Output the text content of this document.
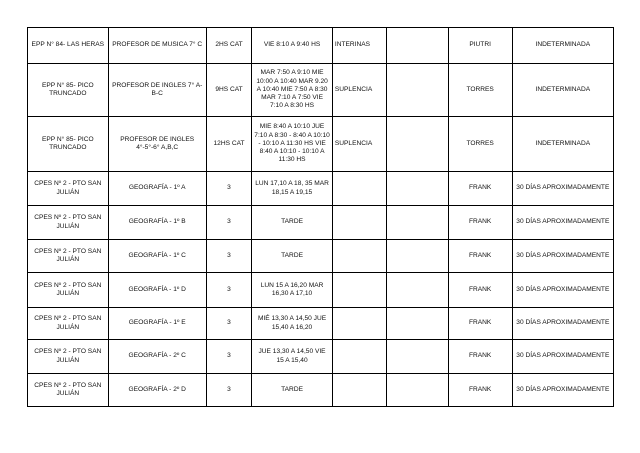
EPP N° 84- LAS HERAS	PROFESOR DE MUSICA 7° C	2HS CAT	VIE 8:10 A 9:40 HS	INTERINAS		PIUTRI	INDETERMINADA
EPP N° 85- PICO TRUNCADO	PROFESOR DE INGLES 7° A-B-C	9HS CAT	MAR 7:50 A 9:10 MIE 10:00 A 10:40 MAR 9.20 A 10:40 MIE 7:50 A 8:30 MAR 7:10 A 7:50 VIE 7:10 A 8:30 HS	SUPLENCIA		TORRES	INDETERMINADA
EPP N° 85- PICO TRUNCADO	PROFESOR DE INGLES 4°-5°-6° A,B,C	12HS CAT	MIE 8:40 A 10:10 JUE 7:10 A 8:30 - 8:40 A 10:10 - 10:10 A 11:30 HS VIE 8:40 A 10:10 - 10:10 A 11:30 HS	SUPLENCIA		TORRES	INDETERMINADA
CPES Nº 2 - PTO SAN JULIÁN	GEOGRAFÍA - 1º A	3	LUN 17,10 A 18, 35 MAR 18,15 A 19,15			FRANK	30 DÍAS APROXIMADAMENTE
CPES Nº 2 - PTO SAN JULIÁN	GEOGRAFÍA - 1º B	3	TARDE			FRANK	30 DÍAS APROXIMADAMENTE
CPES Nº 2 - PTO SAN JULIÁN	GEOGRAFÍA - 1º C	3	TARDE			FRANK	30 DÍAS APROXIMADAMENTE
CPES Nº 2 - PTO SAN JULIÁN	GEOGRAFÍA - 1º D	3	LUN 15 A 16,20 MAR 16,30 A 17,10			FRANK	30 DÍAS APROXIMADAMENTE
CPES Nº 2 - PTO SAN JULIÁN	GEOGRAFÍA - 1º E	3	MIÉ 13,30 A 14,50 JUE 15,40 A 16,20			FRANK	30 DÍAS APROXIMADAMENTE
CPES Nº 2 - PTO SAN JULIÁN	GEOGRAFÍA - 2º C	3	JUE 13,30 A 14,50 VIE 15 A 15,40			FRANK	30 DÍAS APROXIMADAMENTE
CPES Nº 2 - PTO SAN JULIÁN	GEOGRAFÍA - 2º D	3	TARDE			FRANK	30 DÍAS APROXIMADAMENTE
